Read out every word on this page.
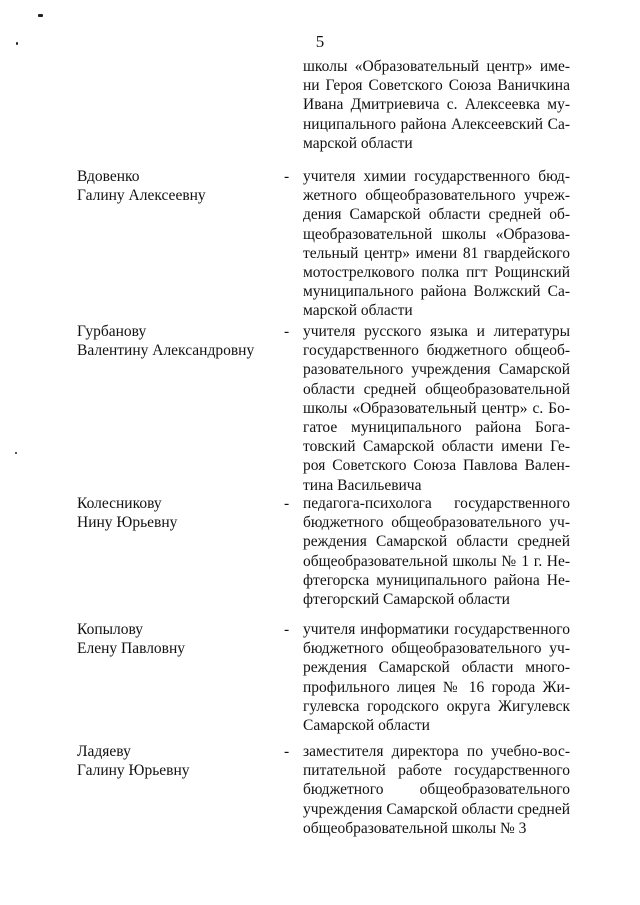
5
школы «Образовательный центр» име-
ни Героя Советского Союза Ваничкина
Ивана Дмитриевича с. Алексеевка му-
ниципального района Алексеевский Са-
марской области
Вдовенко
Галину Алексеевну
- учителя химии государственного бюд-
жетного общеобразовательного учреж-
дения Самарской области средней об-
щеобразовательной школы «Образова-
тельный центр» имени 81 гвардейского
мотострелкового полка пгт Рощинский
муниципального района Волжский Са-
марской области
Гурбанову
Валентину Александровну
- учителя русского языка и литературы
государственного бюджетного общеоб-
разовательного учреждения Самарской
области средней общеобразовательной
школы «Образовательный центр» с. Бо-
гатое муниципального района Бога-
товский Самарской области имени Ге-
роя Советского Союза Павлова Вален-
тина Васильевича
Колесникову
Нину Юрьевну
- педагога-психолога государственного
бюджетного общеобразовательного уч-
реждения Самарской области средней
общеобразовательной школы № 1 г. Не-
фтегорска муниципального района Не-
фтегорский Самарской области
Копылову
Елену Павловну
- учителя информатики государственного
бюджетного общеобразовательного уч-
реждения Самарской области много-
профильного лицея № 16 города Жи-
гулевска городского округа Жигулевск
Самарской области
Ладяеву
Галину Юрьевну
- заместителя директора по учебно-вос-
питательной работе государственного
бюджетного общеобразовательного
учреждения Самарской области средней
общеобразовательной школы № 3
